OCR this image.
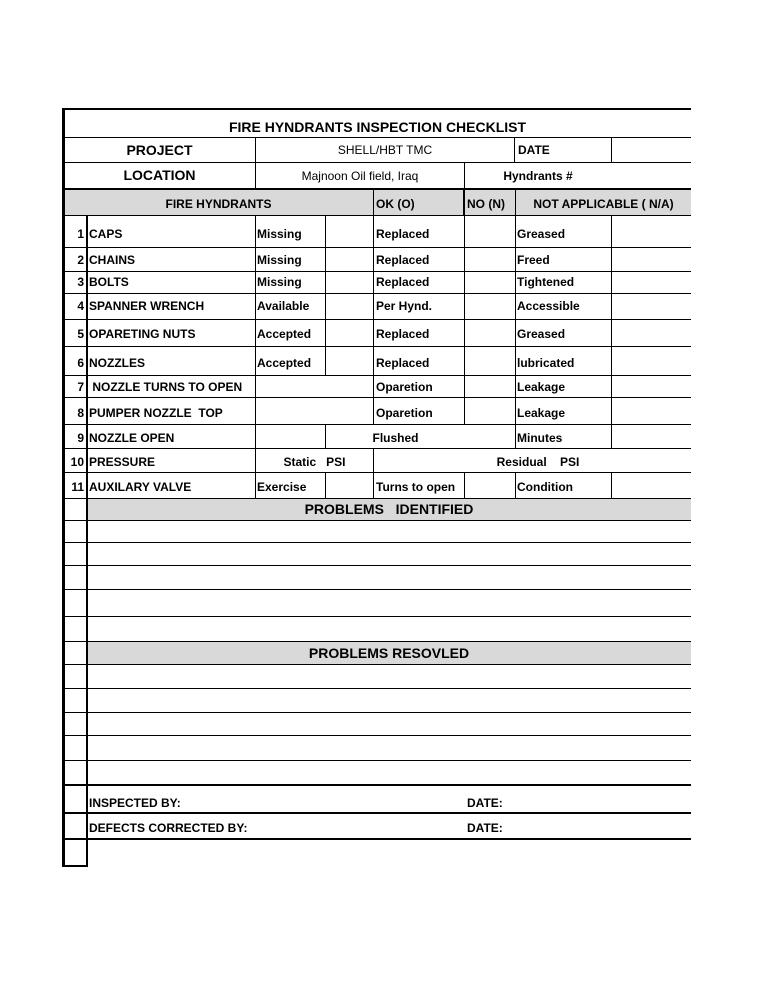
FIRE HYNDRANTS INSPECTION CHECKLIST
PROJECT	SHELL/HBT TMC	DATE
LOCATION	Majnoon Oil field, Iraq	Hyndrants #
FIRE HYNDRANTS	OK (O)	NO (N)	NOT APPLICABLE ( N/A)
1 CAPS	Missing	Replaced	Greased
2 CHAINS	Missing	Replaced	Freed
3 BOLTS	Missing	Replaced	Tightened
4 SPANNER WRENCH	Available	Per Hynd.	Accessible
5 OPARETING NUTS	Accepted	Replaced	Greased
6 NOZZLES	Accepted	Replaced	lubricated
7 NOZZLE TURNS TO OPEN	Oparetion	Leakage
8 PUMPER NOZZLE  TOP	Oparetion	Leakage
9 NOZZLE OPEN	Flushed	Minutes
10 PRESSURE	Static   PSI	Residual    PSI
11 AUXILARY VALVE	Exercise	Turns to open	Condition
PROBLEMS   IDENTIFIED
PROBLEMS RESOVLED
INSPECTED BY:	DATE:
DEFECTS CORRECTED BY:	DATE:
